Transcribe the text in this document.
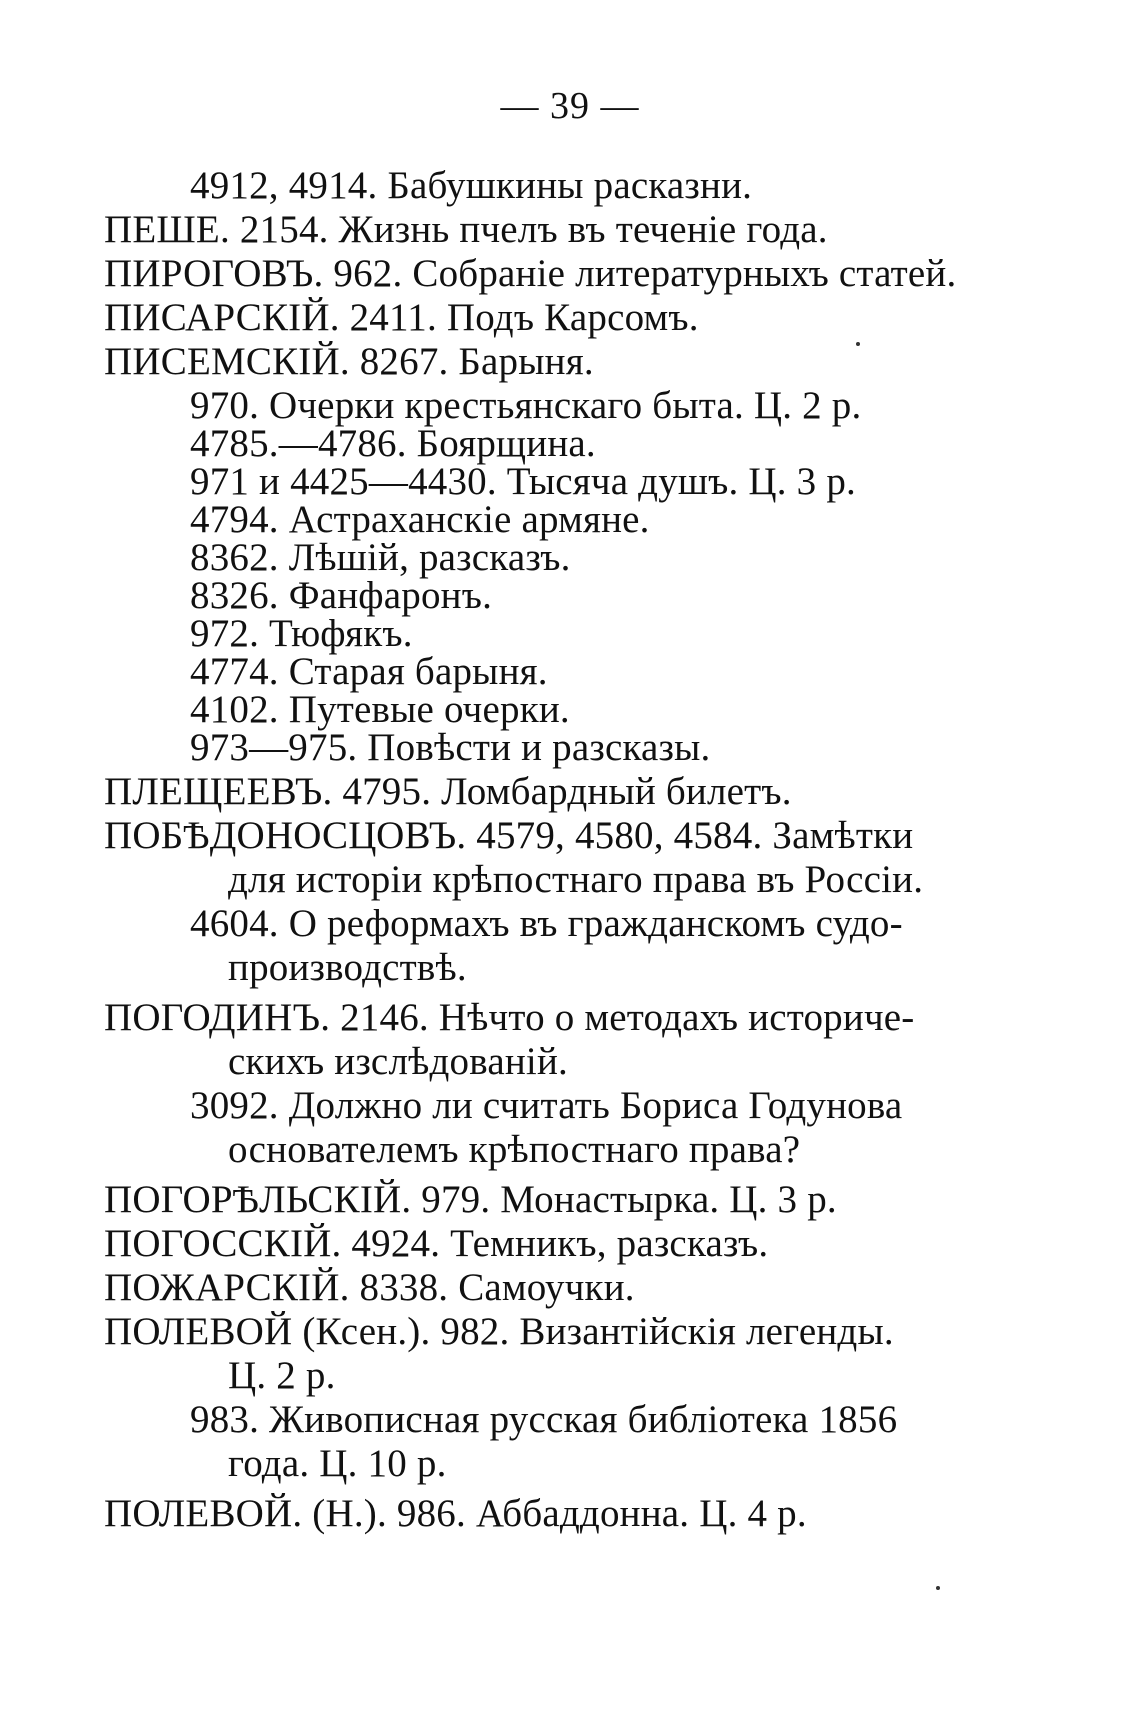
— 39 —
4912, 4914. Бабушкины расказни.
ПЕШЕ. 2154. Жизнь пчелъ въ теченіе года.
ПИРОГОВЪ. 962. Собраніе литературныхъ статей.
ПИСАРСКІЙ. 2411. Подъ Карсомъ.
ПИСЕМСКІЙ. 8267. Барыня.
970. Очерки крестьянскаго быта. Ц. 2 р.
4785.—4786. Боярщина.
971 и 4425—4430. Тысяча душъ. Ц. 3 р.
4794. Астраханскіе армяне.
8362. Лѣшій, разсказъ.
8326. Фанфаронъ.
972. Тюфякъ.
4774. Старая барыня.
4102. Путевые очерки.
973—975. Повѣсти и разсказы.
ПЛЕЩЕЕВЪ. 4795. Ломбардный билетъ.
ПОБѢДОНОСЦОВЪ. 4579, 4580, 4584. Замѣтки
для исторіи крѣпостнаго права въ Россіи.
4604. О реформахъ въ гражданскомъ судо-
производствѣ.
ПОГОДИНЪ. 2146. Нѣчто о методахъ историче-
скихъ изслѣдованій.
3092. Должно ли считать Бориса Годунова
основателемъ крѣпостнаго права?
ПОГОРѢЛЬСКІЙ. 979. Монастырка. Ц. 3 р.
ПОГОССКІЙ. 4924. Темникъ, разсказъ.
ПОЖАРСКІЙ. 8338. Самоучки.
ПОЛЕВОЙ (Ксен.). 982. Византійскія легенды.
Ц. 2 р.
983. Живописная русская библіотека 1856
года. Ц. 10 р.
ПОЛЕВОЙ. (Н.). 986. Аббаддонна. Ц. 4 р.
